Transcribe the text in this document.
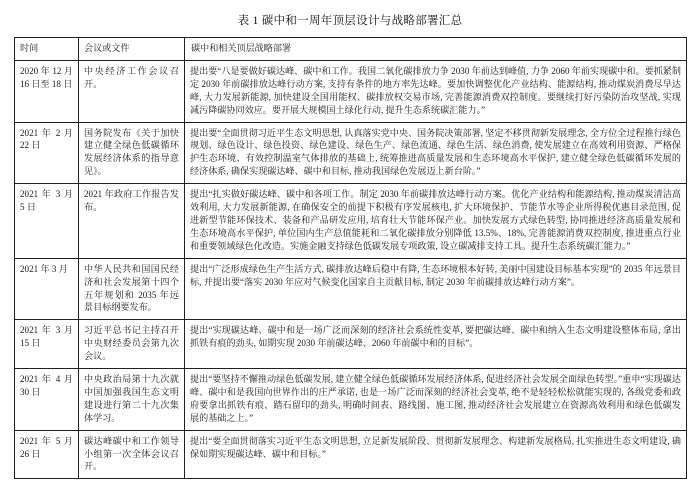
表 1 碳中和一周年顶层设计与战略部署汇总
时间	会议或文件	碳中和相关顶层战略部署
2020 年 12 月 16 日至 18 日	中央经济工作会议召开。	提出要“八是要做好碳达峰、碳中和工作。我国二氧化碳排放力争 2030 年前达到峰值, 力争 2060 年前实现碳中和。要抓紧制定 2030 年前碳排放达峰行动方案, 支持有条件的地方率先达峰。要加快调整优化产业结构、能源结构, 推动煤炭消费尽早达峰, 大力发展新能源, 加快建设全国用能权、碳排放权交易市场, 完善能源消费双控制度。要继续打好污染防治攻坚战, 实现减污降碳协同效应。要开展大规模国土绿化行动, 提升生态系统碳汇能力。”
2021 年 2 月 22 日	国务院发布《关于加快建立健全绿色低碳循环发展经济体系的指导意见》。	提出要“全面贯彻习近平生态文明思想, 认真落实党中央、国务院决策部署, 坚定不移贯彻新发展理念, 全方位全过程推行绿色规划、绿色设计、绿色投资、绿色建设、绿色生产、绿色流通、绿色生活、绿色消费, 使发展建立在高效利用资源、严格保护生态环境、有效控制温室气体排放的基础上, 统筹推进高质量发展和生态环境高水平保护, 建立健全绿色低碳循环发展的经济体系, 确保实现碳达峰、碳中和目标, 推动我国绿色发展迈上新台阶。”
2021 年 3 月 5 日	2021 年政府工作报告发布。	提出“扎实做好碳达峰、碳中和各项工作。制定 2030 年前碳排放达峰行动方案。优化产业结构和能源结构, 推动煤炭清洁高效利用, 大力发展新能源, 在确保安全的前提下积极有序发展核电, 扩大环境保护、节能节水等企业所得税优惠目录范围, 促进新型节能环保技术、装备和产品研发应用, 培育壮大节能环保产业。加快发展方式绿色转型, 协同推进经济高质量发展和生态环境高水平保护, 单位国内生产总值能耗和二氧化碳排放分别降低 13.5%、18%, 完善能源消费双控制度, 推进重点行业和重要领域绿色化改造。实施金融支持绿色低碳发展专项政策, 设立碳减排支持工具。提升生态系统碳汇能力。”
2021 年 3 月	中华人民共和国国民经济和社会发展第十四个五年规划和 2035 年远景目标纲要发布。	提出“广泛形成绿色生产生活方式, 碳排放达峰后稳中有降, 生态环境根本好转, 美丽中国建设目标基本实现”的 2035 年远景目标, 并提出要“落实 2030 年应对气候变化国家自主贡献目标, 制定 2030 年前碳排放达峰行动方案”。
2021 年 3 月 15 日	习近平总书记主持召开中央财经委员会第九次会议。	提出“实现碳达峰、碳中和是一场广泛而深刻的经济社会系统性变革, 要把碳达峰、碳中和纳入生态文明建设整体布局, 拿出抓铁有痕的劲头, 如期实现 2030 年前碳达峰、2060 年前碳中和的目标”。
2021 年 4 月 30 日	中央政治局第十九次就中国加强我国生态文明建设进行第二十九次集体学习。	提出“要坚持不懈推动绿色低碳发展, 建立健全绿色低碳循环发展经济体系, 促进经济社会发展全面绿色转型。”重申“实现碳达峰、碳中和是我国向世界作出的庄严承诺, 也是一场广泛而深刻的经济社会变革, 绝不是轻轻松松就能实现的, 各级党委和政府要拿出抓铁有痕、踏石留印的劲头, 明确时间表、路线图、施工图, 推动经济社会发展建立在资源高效利用和绿色低碳发展的基础之上。”
2021 年 5 月 26 日	碳达峰碳中和工作领导小组第一次全体会议召开。	提出“要全面贯彻落实习近平生态文明思想, 立足新发展阶段、贯彻新发展理念、构建新发展格局, 扎实推进生态文明建设, 确保如期实现碳达峰、碳中和目标。”
